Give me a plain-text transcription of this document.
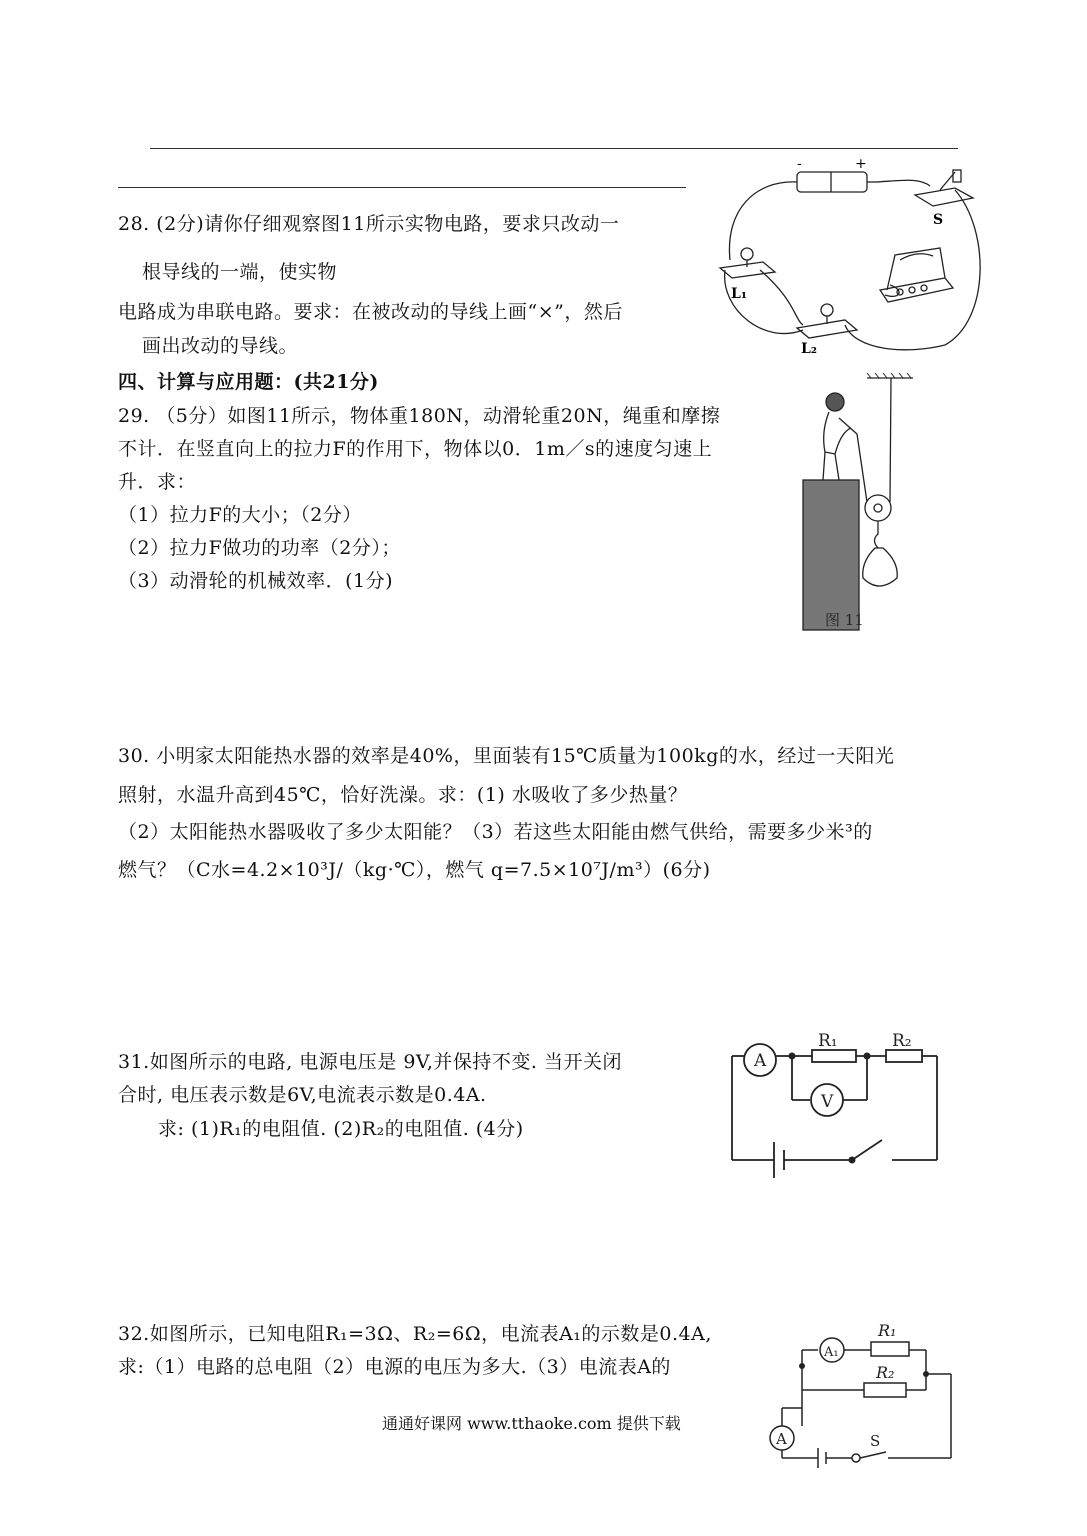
28. (2分)请你仔细观察图11所示实物电路，要求只改动一
根导线的一端，使实物
电路成为串联电路。要求：在被改动的导线上画“×”，然后
画出改动的导线。
-	+
S
L₁
L₂
四、计算与应用题：(共21分)
29. （5分）如图11所示，物体重180N，动滑轮重20N，绳重和摩擦
不计．在竖直向上的拉力F的作用下，物体以0．1m／s的速度匀速上
升．求：
（1）拉力F的大小；（2分）
（2）拉力F做功的功率（2分）；
（3）动滑轮的机械效率．(1分)
图 11
30. 小明家太阳能热水器的效率是40%，里面装有15℃质量为100kg的水，经过一天阳光
照射，水温升高到45℃，恰好洗澡。求：(1) 水吸收了多少热量？
（2）太阳能热水器吸收了多少太阳能？（3）若这些太阳能由燃气供给，需要多少米³的
燃气？（C水=4.2×10³J/（kg·℃），燃气 q=7.5×10⁷J/m³）(6分)
31.如图所示的电路, 电源电压是 9V,并保持不变. 当开关闭
合时, 电压表示数是6V,电流表示数是0.4A.
求: (1)R₁的电阻值. (2)R₂的电阻值. (4分)
A
V
R₁	R₂
32.如图所示，已知电阻R₁=3Ω、R₂=6Ω，电流表A₁的示数是0.4A,
求:（1）电路的总电阻（2）电源的电压为多大.（3）电流表A的
A₁
A
R₁
R₂
S
通通好课网 www.tthaoke.com 提供下载
